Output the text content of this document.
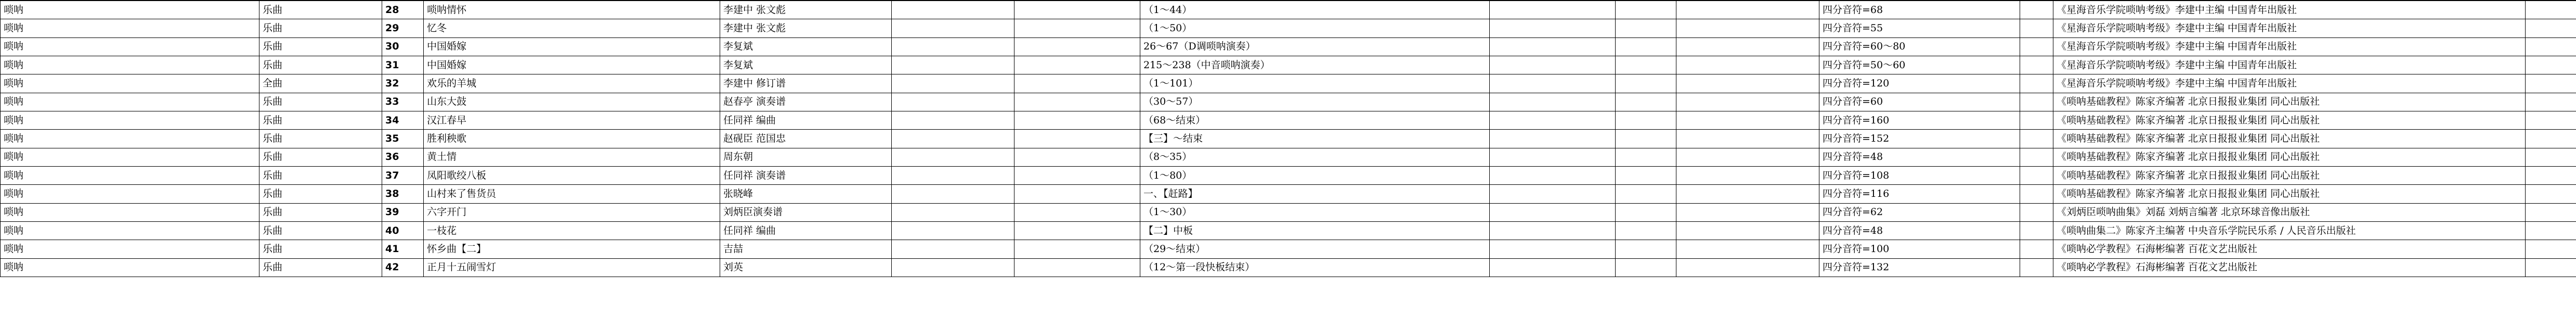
唢呐	乐曲	28	唢呐情怀	李建中 张文彪			（1～44）				四分音符=68		《星海音乐学院唢呐考级》李建中主编 中国青年出版社	
唢呐	乐曲	29	忆冬	李建中 张文彪			（1～50）				四分音符=55		《星海音乐学院唢呐考级》李建中主编 中国青年出版社	
唢呐	乐曲	30	中国婚嫁	李复斌			26～67（D调唢呐演奏）				四分音符=60～80		《星海音乐学院唢呐考级》李建中主编 中国青年出版社	
唢呐	乐曲	31	中国婚嫁	李复斌			215～238（中音唢呐演奏）				四分音符=50～60		《星海音乐学院唢呐考级》李建中主编 中国青年出版社	
唢呐	全曲	32	欢乐的羊城	李建中 修订谱			（1～101）				四分音符=120		《星海音乐学院唢呐考级》李建中主编 中国青年出版社	
唢呐	乐曲	33	山东大鼓	赵春亭 演奏谱			（30～57）				四分音符=60		《唢呐基础教程》陈家齐编著 北京日报报业集团 同心出版社	
唢呐	乐曲	34	汉江春早	任同祥 编曲			（68～结束）				四分音符=160		《唢呐基础教程》陈家齐编著 北京日报报业集团 同心出版社	
唢呐	乐曲	35	胜利秧歌	赵砚臣 范国忠			【三】～结束				四分音符=152		《唢呐基础教程》陈家齐编著 北京日报报业集团 同心出版社	
唢呐	乐曲	36	黄土情	周东朝			（8～35）				四分音符=48		《唢呐基础教程》陈家齐编著 北京日报报业集团 同心出版社	
唢呐	乐曲	37	凤阳歌绞八板	任同祥 演奏谱			（1～80）				四分音符=108		《唢呐基础教程》陈家齐编著 北京日报报业集团 同心出版社	
唢呐	乐曲	38	山村来了售货员	张晓峰			一、【赶路】				四分音符=116		《唢呐基础教程》陈家齐编著 北京日报报业集团 同心出版社	
唢呐	乐曲	39	六字开门	刘炳臣演奏谱			（1～30）				四分音符=62		《刘炳臣唢呐曲集》刘磊 刘炳言编著 北京环球音像出版社	
唢呐	乐曲	40	一枝花	任同祥 编曲			【二】中板				四分音符=48		《唢呐曲集二》陈家齐主编著 中央音乐学院民乐系 / 人民音乐出版社	
唢呐	乐曲	41	怀乡曲【二】	吉喆			（29～结束）				四分音符=100		《唢呐必学教程》石海彬编著 百花文艺出版社	
唢呐	乐曲	42	正月十五闹雪灯	刘英			（12～第一段快板结束）				四分音符=132		《唢呐必学教程》石海彬编著 百花文艺出版社	
